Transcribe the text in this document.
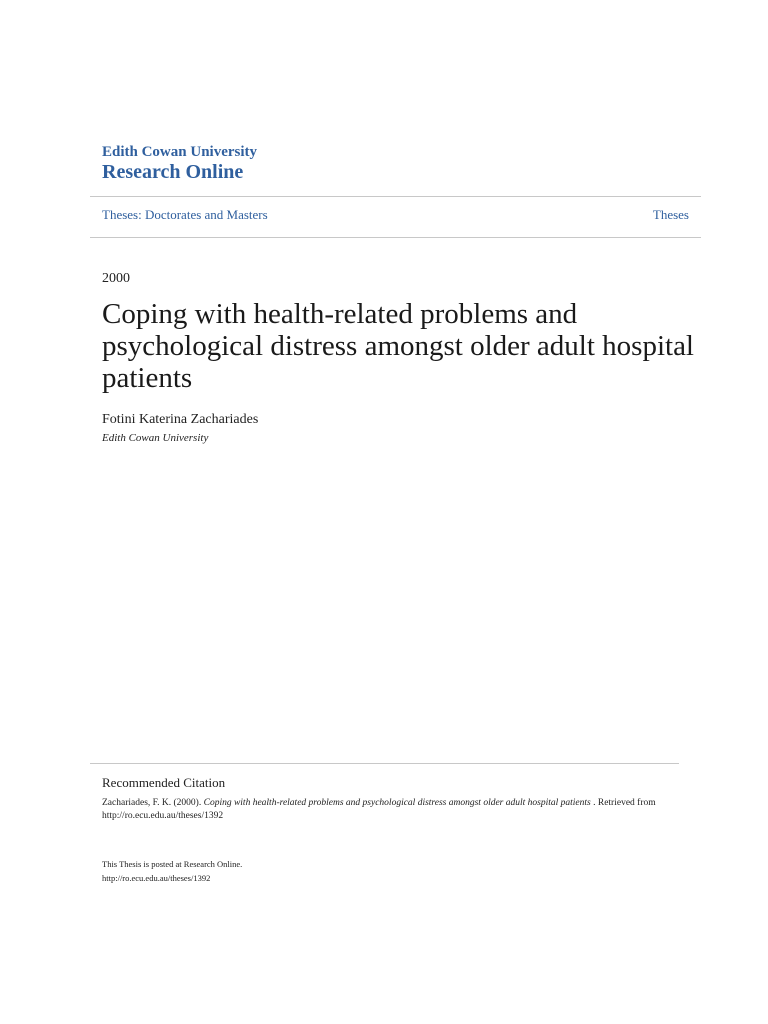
Edith Cowan University
Research Online
Theses: Doctorates and Masters	Theses
2000
Coping with health-related problems and psychological distress amongst older adult hospital patients
Fotini Katerina Zachariades
Edith Cowan University
Recommended Citation
Zachariades, F. K. (2000). Coping with health-related problems and psychological distress amongst older adult hospital patients . Retrieved from http://ro.ecu.edu.au/theses/1392
This Thesis is posted at Research Online.
http://ro.ecu.edu.au/theses/1392
